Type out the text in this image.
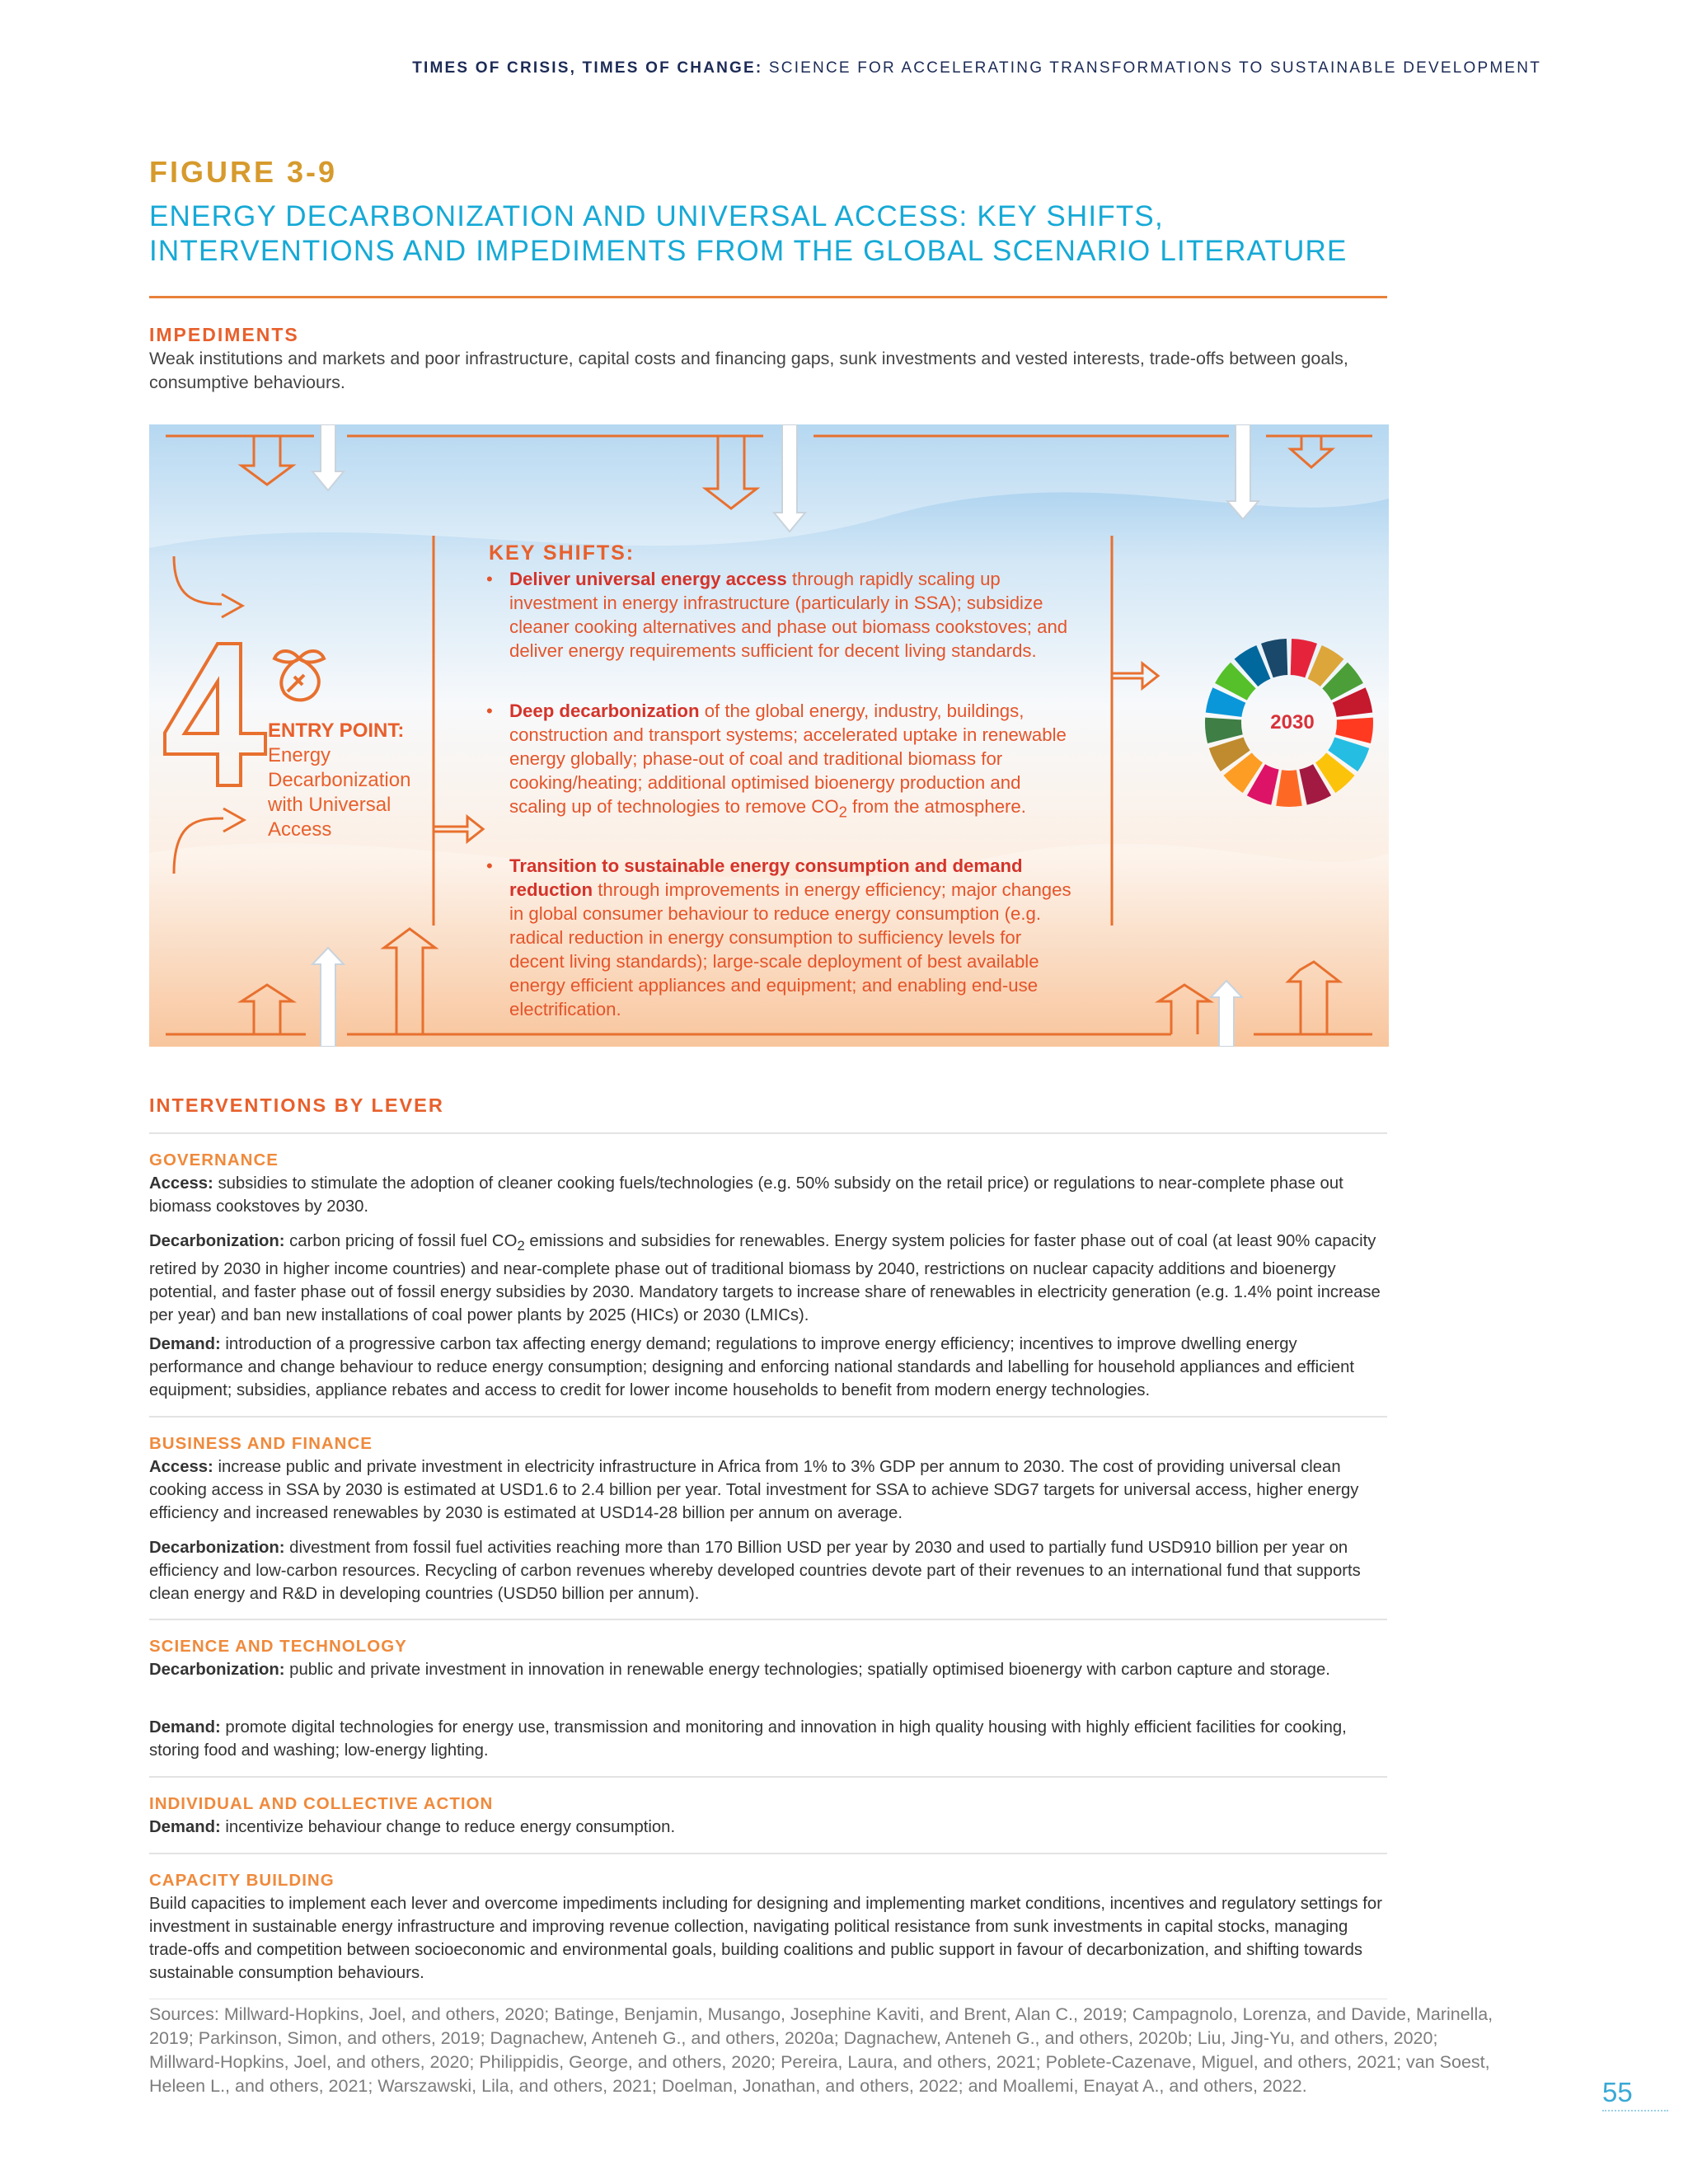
TIMES OF CRISIS, TIMES OF CHANGE: SCIENCE FOR ACCELERATING TRANSFORMATIONS TO SUSTAINABLE DEVELOPMENT
FIGURE 3-9
ENERGY DECARBONIZATION AND UNIVERSAL ACCESS: KEY SHIFTS, INTERVENTIONS AND IMPEDIMENTS FROM THE GLOBAL SCENARIO LITERATURE
IMPEDIMENTS
Weak institutions and markets and poor infrastructure, capital costs and financing gaps, sunk investments and vested interests, trade-offs between goals, consumptive behaviours.
ENTRY POINT:
Energy Decarbonization with Universal Access
KEY SHIFTS:
• Deliver universal energy access through rapidly scaling up investment in energy infrastructure (particularly in SSA); subsidize cleaner cooking alternatives and phase out biomass cookstoves; and deliver energy requirements sufficient for decent living standards.
• Deep decarbonization of the global energy, industry, buildings, construction and transport systems; accelerated uptake in renewable energy globally; phase-out of coal and traditional biomass for cooking/heating; additional optimised bioenergy production and scaling up of technologies to remove $CO_2$ from the atmosphere.
• Transition to sustainable energy consumption and demand reduction through improvements in energy efficiency; major changes in global consumer behaviour to reduce energy consumption (e.g. radical reduction in energy consumption to sufficiency levels for decent living standards); large-scale deployment of best available energy efficient appliances and equipment; and enabling end-use electrification.
2030
INTERVENTIONS BY LEVER
GOVERNANCE
Access: subsidies to stimulate the adoption of cleaner cooking fuels/technologies (e.g. 50% subsidy on the retail price) or regulations to near-complete phase out biomass cookstoves by 2030.
Decarbonization: carbon pricing of fossil fuel $CO_2$ emissions and subsidies for renewables. Energy system policies for faster phase out of coal (at least 90% capacity retired by 2030 in higher income countries) and near-complete phase out of traditional biomass by 2040, restrictions on nuclear capacity additions and bioenergy potential, and faster phase out of fossil energy subsidies by 2030. Mandatory targets to increase share of renewables in electricity generation (e.g. 1.4% point increase per year) and ban new installations of coal power plants by 2025 (HICs) or 2030 (LMICs).
Demand: introduction of a progressive carbon tax affecting energy demand; regulations to improve energy efficiency; incentives to improve dwelling energy performance and change behaviour to reduce energy consumption; designing and enforcing national standards and labelling for household appliances and efficient equipment; subsidies, appliance rebates and access to credit for lower income households to benefit from modern energy technologies.
BUSINESS AND FINANCE
Access: increase public and private investment in electricity infrastructure in Africa from 1% to 3% GDP per annum to 2030. The cost of providing universal clean cooking access in SSA by 2030 is estimated at USD1.6 to 2.4 billion per year. Total investment for SSA to achieve SDG7 targets for universal access, higher energy efficiency and increased renewables by 2030 is estimated at USD14-28 billion per annum on average.
Decarbonization: divestment from fossil fuel activities reaching more than 170 Billion USD per year by 2030 and used to partially fund USD910 billion per year on efficiency and low-carbon resources. Recycling of carbon revenues whereby developed countries devote part of their revenues to an international fund that supports clean energy and R&D in developing countries (USD50 billion per annum).
SCIENCE AND TECHNOLOGY
Decarbonization: public and private investment in innovation in renewable energy technologies; spatially optimised bioenergy with carbon capture and storage.
Demand: promote digital technologies for energy use, transmission and monitoring and innovation in high quality housing with highly efficient facilities for cooking, storing food and washing; low-energy lighting.
INDIVIDUAL AND COLLECTIVE ACTION
Demand: incentivize behaviour change to reduce energy consumption.
CAPACITY BUILDING
Build capacities to implement each lever and overcome impediments including for designing and implementing market conditions, incentives and regulatory settings for investment in sustainable energy infrastructure and improving revenue collection, navigating political resistance from sunk investments in capital stocks, managing trade-offs and competition between socioeconomic and environmental goals, building coalitions and public support in favour of decarbonization, and shifting towards sustainable consumption behaviours.
Sources: Millward-Hopkins, Joel, and others, 2020; Batinge, Benjamin, Musango, Josephine Kaviti, and Brent, Alan C., 2019; Campagnolo, Lorenza, and Davide, Marinella, 2019; Parkinson, Simon, and others, 2019; Dagnachew, Anteneh G., and others, 2020a; Dagnachew, Anteneh G., and others, 2020b; Liu, Jing-Yu, and others, 2020; Millward-Hopkins, Joel, and others, 2020; Philippidis, George, and others, 2020; Pereira, Laura, and others, 2021; Poblete-Cazenave, Miguel, and others, 2021; van Soest, Heleen L., and others, 2021; Warszawski, Lila, and others, 2021; Doelman, Jonathan, and others, 2022; and Moallemi, Enayat A., and others, 2022.	55
